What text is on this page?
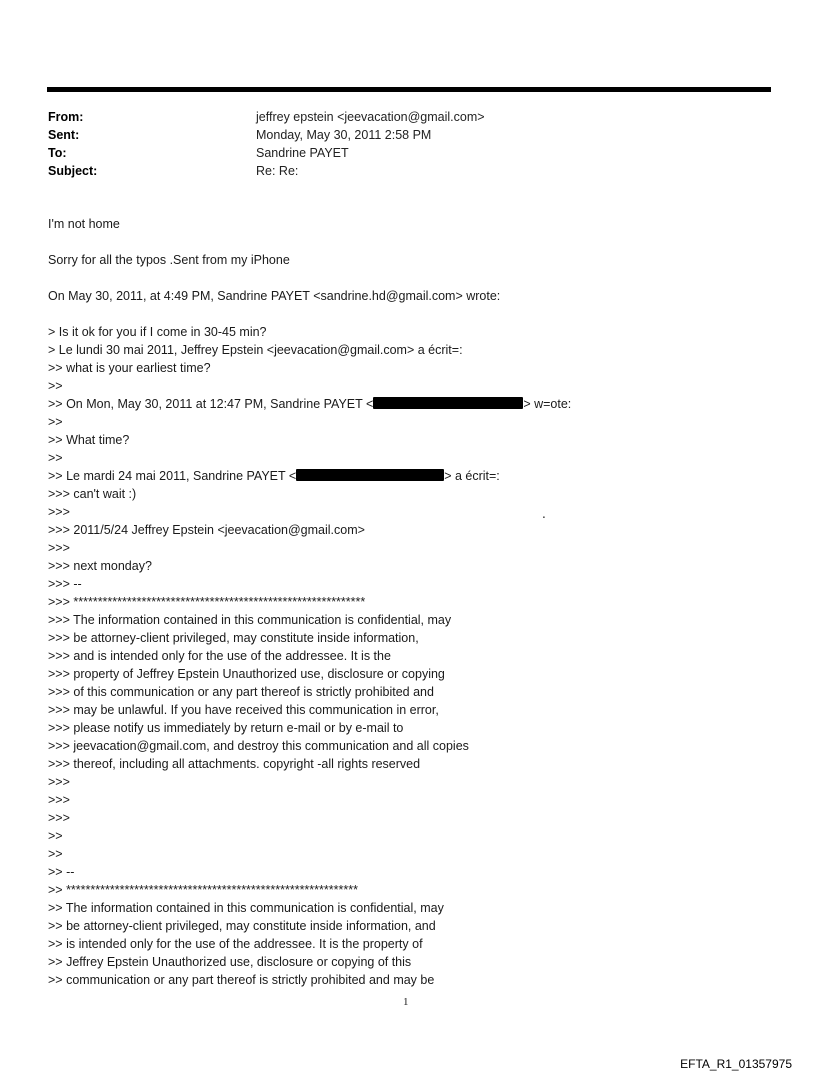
From:	jeffrey epstein <jeevacation@gmail.com>
Sent:	Monday, May 30, 2011 2:58 PM
To:	Sandrine PAYET
Subject:	Re: Re:

I'm not home

Sorry for all the typos .Sent from my iPhone

On May 30, 2011, at 4:49 PM, Sandrine PAYET <sandrine.hd@gmail.com> wrote:

> Is it ok for you if I come in 30-45 min?
> Le lundi 30 mai 2011, Jeffrey Epstein <jeevacation@gmail.com> a écrit=:
>> what is your earliest time?
>>
>> On Mon, May 30, 2011 at 12:47 PM, Sandrine PAYET <	> w=ote:
>>
>> What time?
>>
>> Le mardi 24 mai 2011, Sandrine PAYET <	> a écrit=:
>>> can't wait :)
>>>
>>> 2011/5/24 Jeffrey Epstein <jeevacation@gmail.com>
>>>
>>> next monday?
>>> --
>>> ************************************************************
>>> The information contained in this communication is confidential, may
>>> be attorney-client privileged, may constitute inside information,
>>> and is intended only for the use of the addressee. It is the
>>> property of Jeffrey Epstein Unauthorized use, disclosure or copying
>>> of this communication or any part thereof is strictly prohibited and
>>> may be unlawful. If you have received this communication in error,
>>> please notify us immediately by return e-mail or by e-mail to
>>> jeevacation@gmail.com, and destroy this communication and all copies
>>> thereof, including all attachments. copyright -all rights reserved
>>>
>>>
>>>
>>
>>
>> --
>> ************************************************************
>> The information contained in this communication is confidential, may
>> be attorney-client privileged, may constitute inside information, and
>> is intended only for the use of the addressee. It is the property of
>> Jeffrey Epstein Unauthorized use, disclosure or copying of this
>> communication or any part thereof is strictly prohibited and may be
.
1
EFTA_R1_01357975
